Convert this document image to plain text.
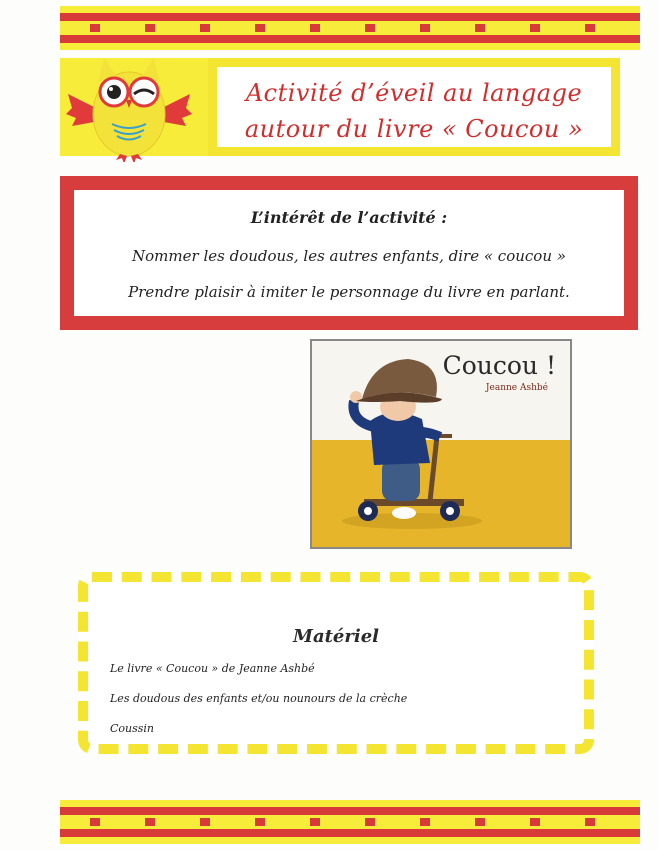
Activité d’éveil au langage
autour du livre « Coucou »
L’intérêt de l’activité :
Nommer les doudous, les autres enfants, dire « coucou »
Prendre plaisir à imiter le personnage du livre en parlant.
Coucou !
Jeanne Ashbé
Matériel
Le livre « Coucou » de Jeanne Ashbé
Les doudous des enfants et/ou nounours de la crèche
Coussin
